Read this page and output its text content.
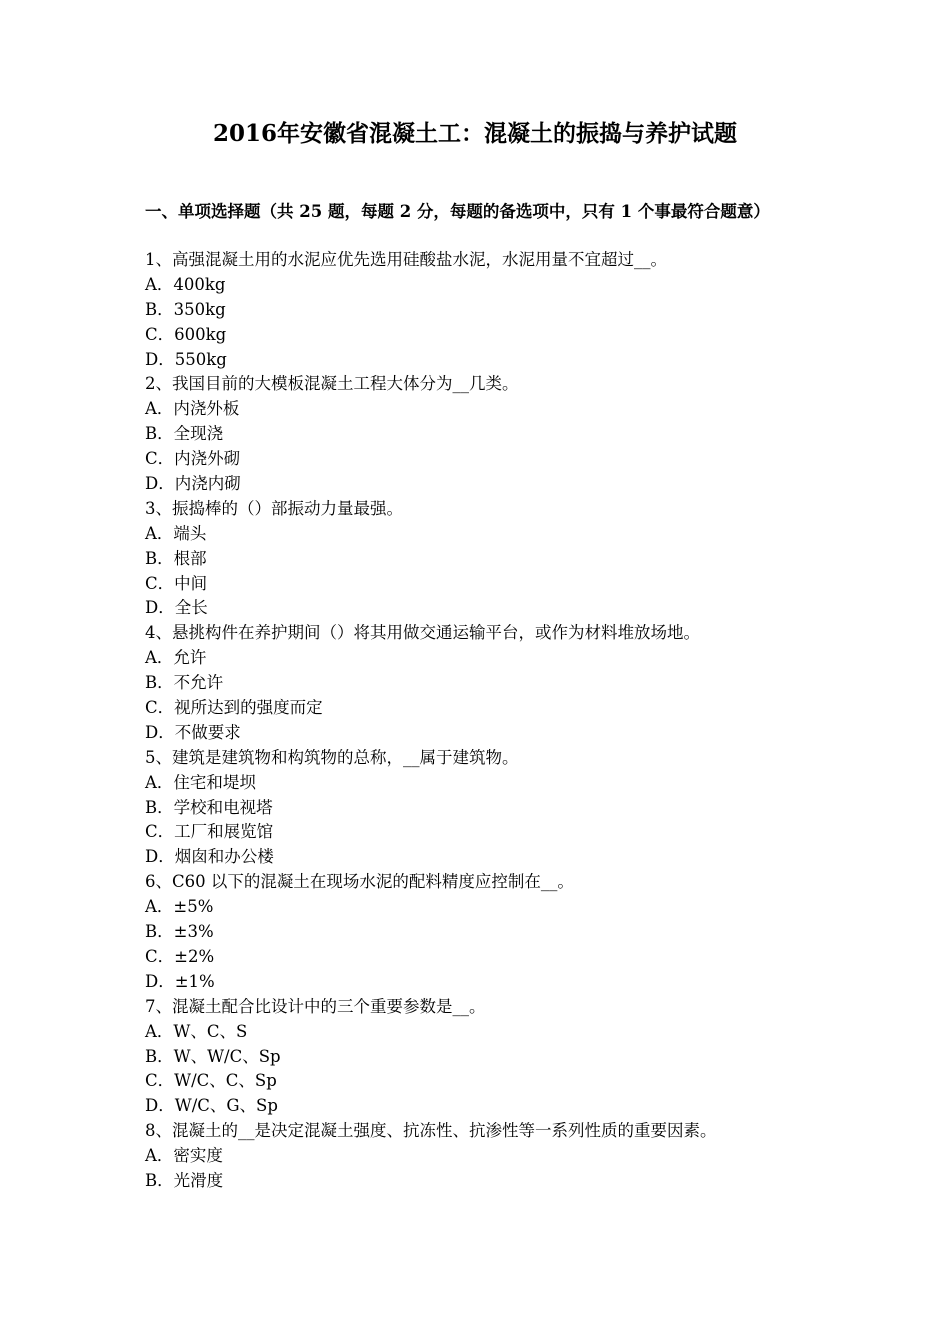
2016年安徽省混凝土工：混凝土的振捣与养护试题
一、单项选择题（共 25 题，每题 2 分，每题的备选项中，只有 1 个事最符合题意）
1、高强混凝土用的水泥应优先选用硅酸盐水泥，水泥用量不宜超过__。
A．400kg
B．350kg
C．600kg
D．550kg
2、我国目前的大模板混凝土工程大体分为__几类。
A．内浇外板
B．全现浇
C．内浇外砌
D．内浇内砌
3、振捣棒的（）部振动力量最强。
A．端头
B．根部
C．中间
D．全长
4、悬挑构件在养护期间（）将其用做交通运输平台，或作为材料堆放场地。
A．允许
B．不允许
C．视所达到的强度而定
D．不做要求
5、建筑是建筑物和构筑物的总称，__属于建筑物。
A．住宅和堤坝
B．学校和电视塔
C．工厂和展览馆
D．烟囱和办公楼
6、C60 以下的混凝土在现场水泥的配料精度应控制在__。
A．±5%
B．±3%
C．±2%
D．±1%
7、混凝土配合比设计中的三个重要参数是__。
A．W、C、S
B．W、W/C、Sp
C．W/C、C、Sp
D．W/C、G、Sp
8、混凝土的__是决定混凝土强度、抗冻性、抗渗性等一系列性质的重要因素。
A．密实度
B．光滑度
